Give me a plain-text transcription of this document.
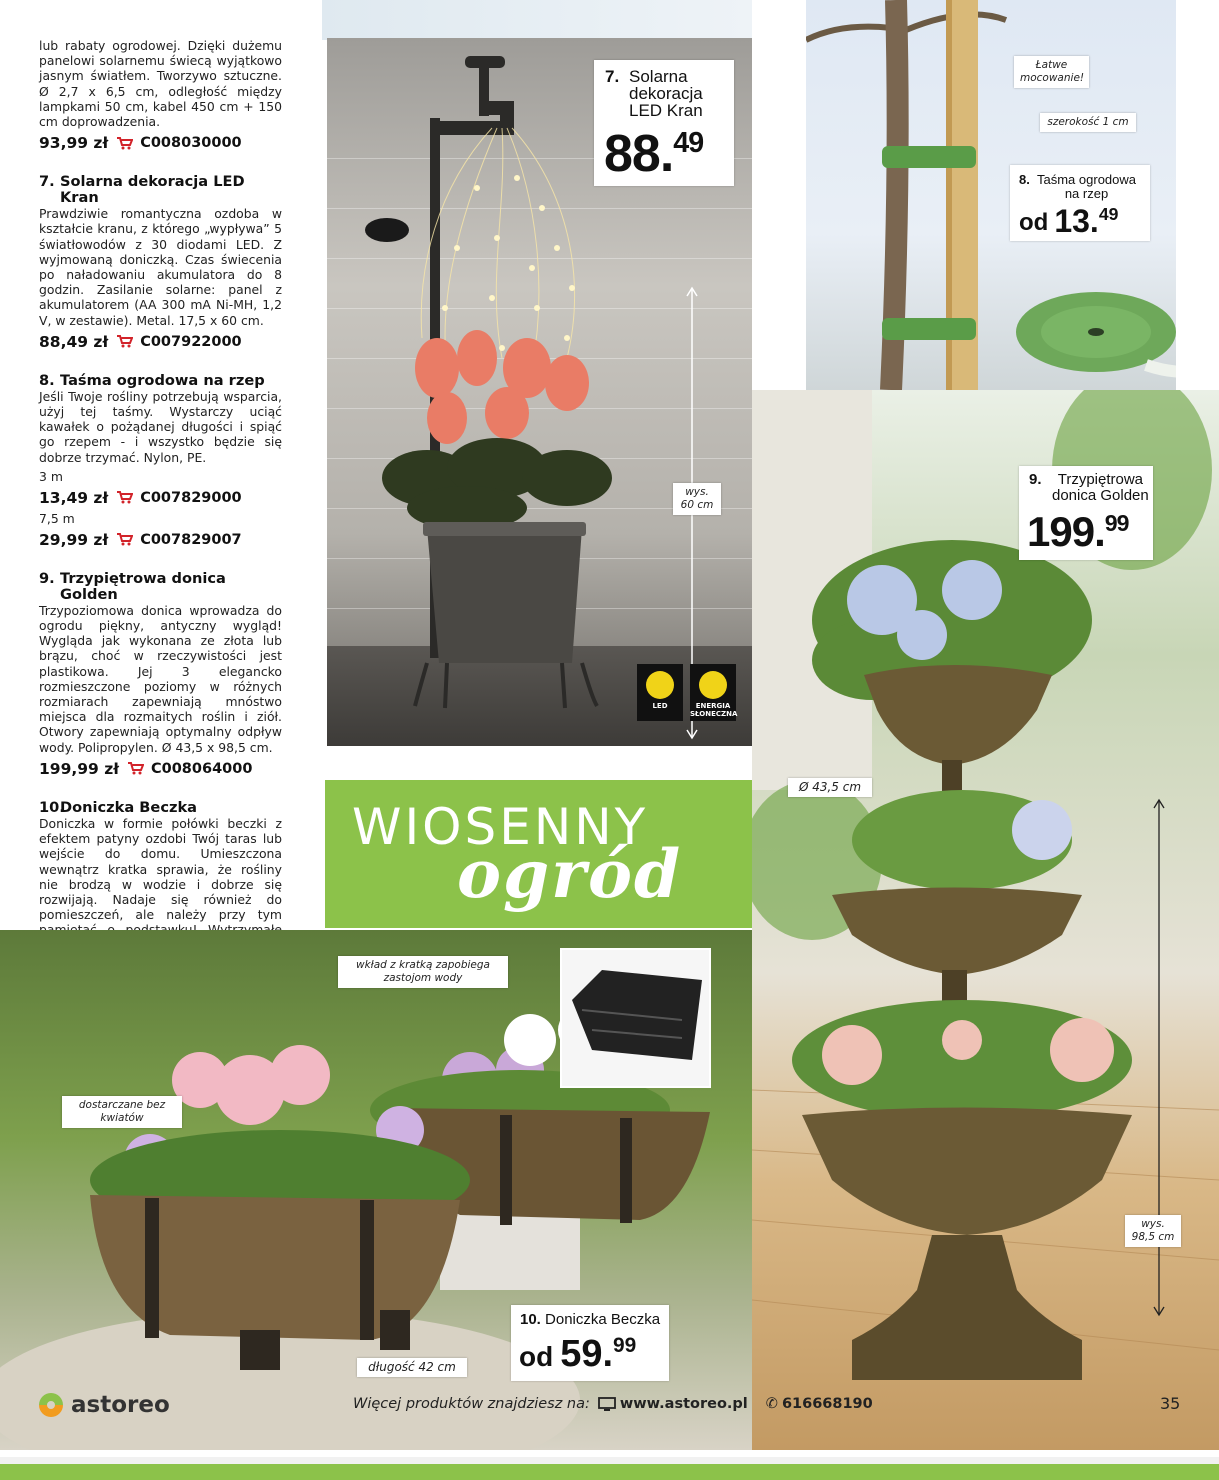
lub rabaty ogrodowej. Dzięki dużemu panelowi solarnemu świecą wyjątkowo jasnym światłem. Tworzywo sztuczne. Ø 2,7 x 6,5 cm, odległość między lampkami 50 cm, kabel 450 cm + 150 cm doprowadzenia.
93,99 zł C008030000
7. Solarna dekoracja LED Kran
Prawdziwie romantyczna ozdoba w kształcie kranu, z którego „wypływa” 5 światłowodów z 30 diodami LED. Z wyjmowaną doniczką. Czas świecenia po naładowaniu akumulatora do 8 godzin. Zasilanie solarne: panel z akumulatorem (AA 300 mA Ni-MH, 1,2 V, w zestawie). Metal. 17,5 x 60 cm.
88,49 zł C007922000
8. Taśma ogrodowa na rzep
Jeśli Twoje rośliny potrzebują wsparcia, użyj tej taśmy. Wystarczy uciąć kawałek o pożądanej długości i spiąć go rzepem - i wszystko będzie się dobrze trzymać. Nylon, PE.
3 m
13,49 zł C007829000
7,5 m
29,99 zł C007829007
9. Trzypiętrowa donica Golden
Trzypoziomowa donica wprowadza do ogrodu piękny, antyczny wygląd! Wygląda jak wykonana ze złota lub brązu, choć w rzeczywistości jest plastikowa. Jej 3 elegancko rozmieszczone poziomy w różnych rozmiarach zapewniają mnóstwo miejsca dla rozmaitych roślin i ziół. Otwory zapewniają optymalny odpływ wody. Polipropylen. Ø 43,5 x 98,5 cm.
199,99 zł C008064000
10.Doniczka Beczka
Doniczka w formie połówki beczki z efektem patyny ozdobi Twój taras lub wejście do domu. Umieszczona wewnątrz kratka sprawia, że rośliny nie brodzą w wodzie i dobrze się rozwijają. Nadaje się również do pomieszczeń, ale należy przy tym
LED	ENERGIA SŁONECZNA
wys. 60 cm
7. Solarna
dekoracja
LED Kran
88.49
Łatwe mocowanie!
szerokość 1 cm
8. Taśma ogrodowa
na rzep
od 13.49
Ø 43,5 cm
wys. 98,5 cm
9.	Trzypiętrowa
donica Golden
199.99
WIOSENNY
ogród
wkład z kratką zapobiega zastojom wody
dostarczane bez kwiatów
długość 42 cm
10. Doniczka Beczka
od 59.99
astoreo	Więcej produktów znajdziesz na: www.astoreo.pl ✆ 616668190	35
